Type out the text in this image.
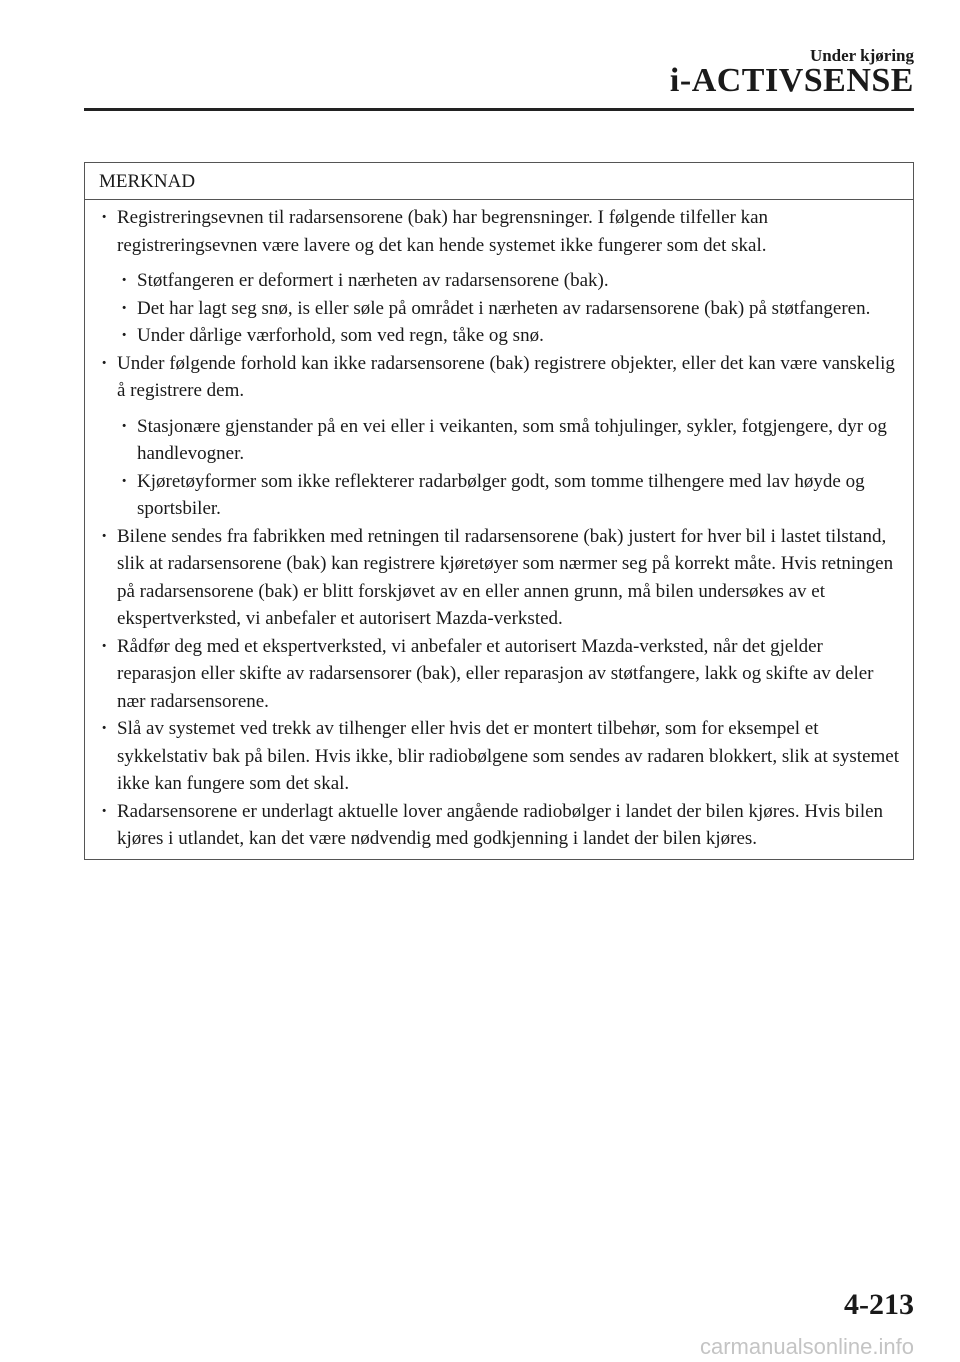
Under kjøring
i-ACTIVSENSE
MERKNAD
· Registreringsevnen til radarsensorene (bak) har begrensninger. I følgende tilfeller kan registreringsevnen være lavere og det kan hende systemet ikke fungerer som det skal.
· Støtfangeren er deformert i nærheten av radarsensorene (bak).
· Det har lagt seg snø, is eller søle på området i nærheten av radarsensorene (bak) på støtfangeren.
· Under dårlige værforhold, som ved regn, tåke og snø.
· Under følgende forhold kan ikke radarsensorene (bak) registrere objekter, eller det kan være vanskelig å registrere dem.
· Stasjonære gjenstander på en vei eller i veikanten, som små tohjulinger, sykler, fotgjengere, dyr og handlevogner.
· Kjøretøyformer som ikke reflekterer radarbølger godt, som tomme tilhengere med lav høyde og sportsbiler.
· Bilene sendes fra fabrikken med retningen til radarsensorene (bak) justert for hver bil i lastet tilstand, slik at radarsensorene (bak) kan registrere kjøretøyer som nærmer seg på korrekt måte. Hvis retningen på radarsensorene (bak) er blitt forskjøvet av en eller annen grunn, må bilen undersøkes av et ekspertverksted, vi anbefaler et autorisert Mazda-verksted.
· Rådfør deg med et ekspertverksted, vi anbefaler et autorisert Mazda-verksted, når det gjelder reparasjon eller skifte av radarsensorer (bak), eller reparasjon av støtfangere, lakk og skifte av deler nær radarsensorene.
· Slå av systemet ved trekk av tilhenger eller hvis det er montert tilbehør, som for eksempel et sykkelstativ bak på bilen. Hvis ikke, blir radiobølgene som sendes av radaren blokkert, slik at systemet ikke kan fungere som det skal.
· Radarsensorene er underlagt aktuelle lover angående radiobølger i landet der bilen kjøres. Hvis bilen kjøres i utlandet, kan det være nødvendig med godkjenning i landet der bilen kjøres.
4-213
carmanualsonline.info
